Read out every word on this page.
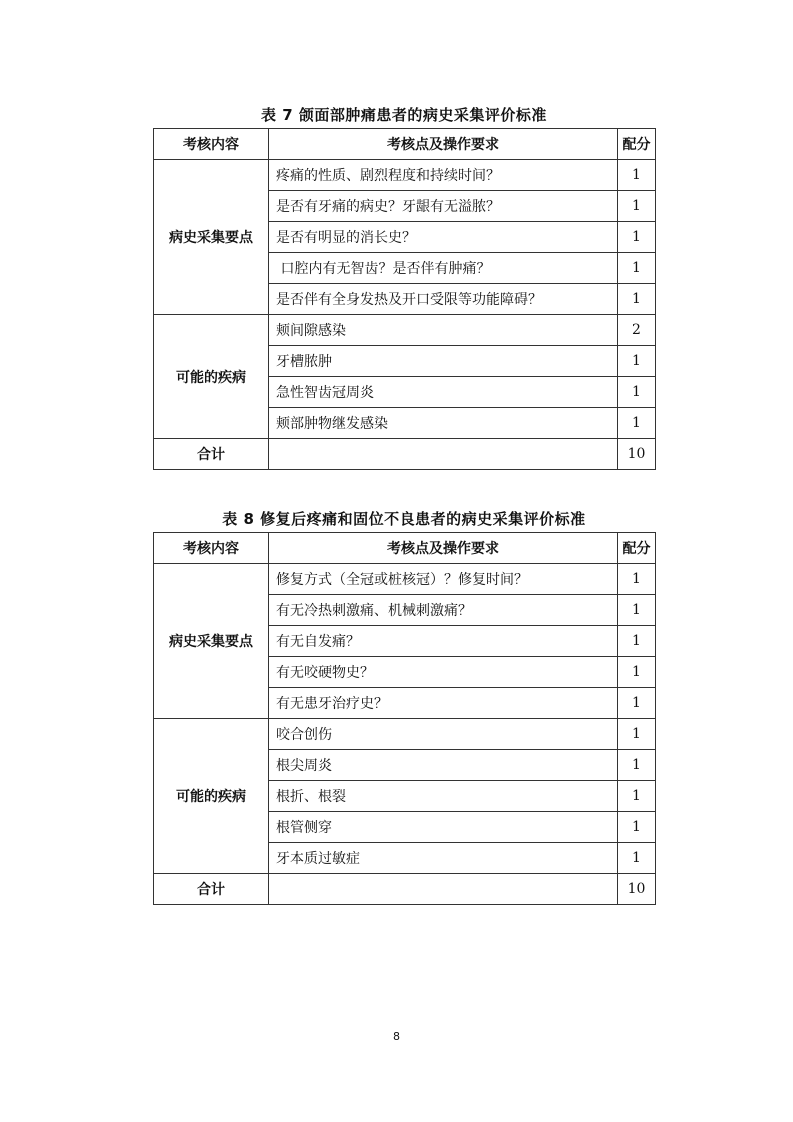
表 7 颌面部肿痛患者的病史采集评价标准
考核内容	考核点及操作要求	配分
病史采集要点	疼痛的性质、剧烈程度和持续时间？	1
	是否有牙痛的病史？牙龈有无溢脓？	1
	是否有明显的消长史？	1
	口腔内有无智齿？是否伴有肿痛？	1
	是否伴有全身发热及开口受限等功能障碍？	1
可能的疾病	颊间隙感染	2
	牙槽脓肿	1
	急性智齿冠周炎	1
	颊部肿物继发感染	1
合计		10
表 8 修复后疼痛和固位不良患者的病史采集评价标准
考核内容	考核点及操作要求	配分
病史采集要点	修复方式（全冠或桩核冠）？修复时间？	1
	有无冷热刺激痛、机械刺激痛？	1
	有无自发痛？	1
	有无咬硬物史？	1
	有无患牙治疗史？	1
可能的疾病	咬合创伤	1
	根尖周炎	1
	根折、根裂	1
	根管侧穿	1
	牙本质过敏症	1
合计		10
8
